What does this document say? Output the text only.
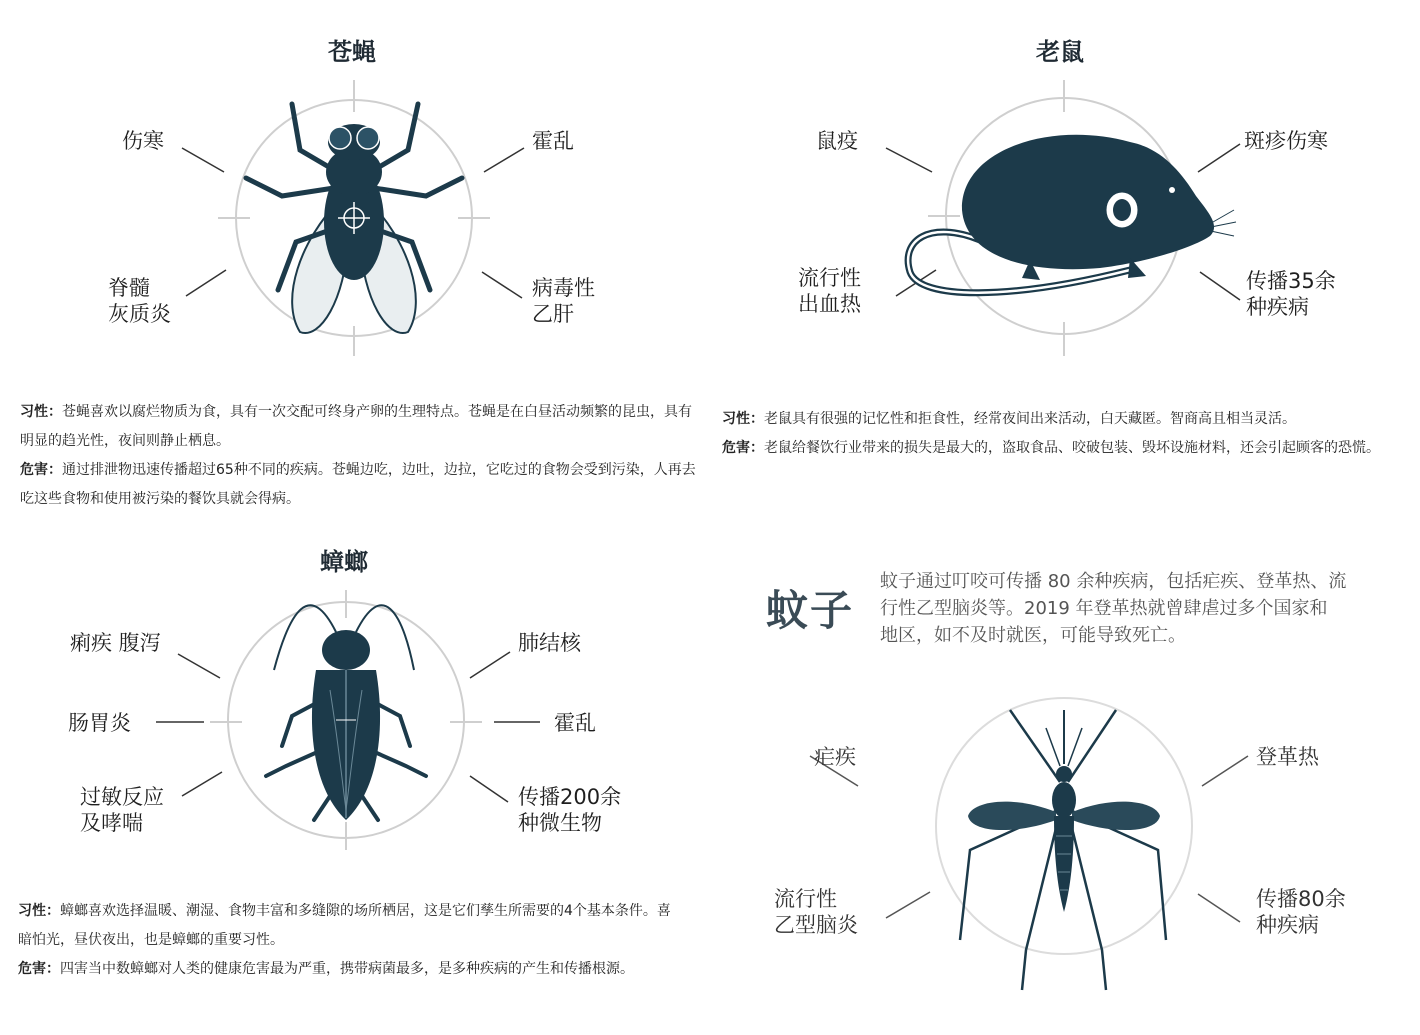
苍蝇
伤寒	霍乱
脊髓
灰质炎
病毒性
乙肝

习性：苍蝇喜欢以腐烂物质为食，具有一次交配可终身产卵的生理特点。苍蝇是在白昼活动频繁的昆虫，具有明显的趋光性，夜间则静止栖息。

危害：通过排泄物迅速传播超过65种不同的疾病。苍蝇边吃，边吐，边拉，它吃过的食物会受到污染，人再去吃这些食物和使用被污染的餐饮具就会得病。

老鼠
鼠疫	斑疹伤寒
流行性
出血热
传播35余
种疾病

习性：老鼠具有很强的记忆性和拒食性，经常夜间出来活动，白天藏匿。智商高且相当灵活。

危害：老鼠给餐饮行业带来的损失是最大的，盗取食品、咬破包装、毁坏设施材料，还会引起顾客的恐慌。

蟑螂
痢疾 腹泻	肺结核
肠胃炎	霍乱
过敏反应
及哮喘
传播200余
种微生物

习性：蟑螂喜欢选择温暖、潮湿、食物丰富和多缝隙的场所栖居，这是它们孳生所需要的4个基本条件。喜暗怕光，昼伏夜出，也是蟑螂的重要习性。

危害：四害当中数蟑螂对人类的健康危害最为严重，携带病菌最多，是多种疾病的产生和传播根源。

蚊子
蚊子通过叮咬可传播 80 余种疾病，包括疟疾、登革热、流
行性乙型脑炎等。2019 年登革热就曾肆虐过多个国家和
地区，如不及时就医，可能导致死亡。
疟疾	登革热
流行性
乙型脑炎
传播80余
种疾病
